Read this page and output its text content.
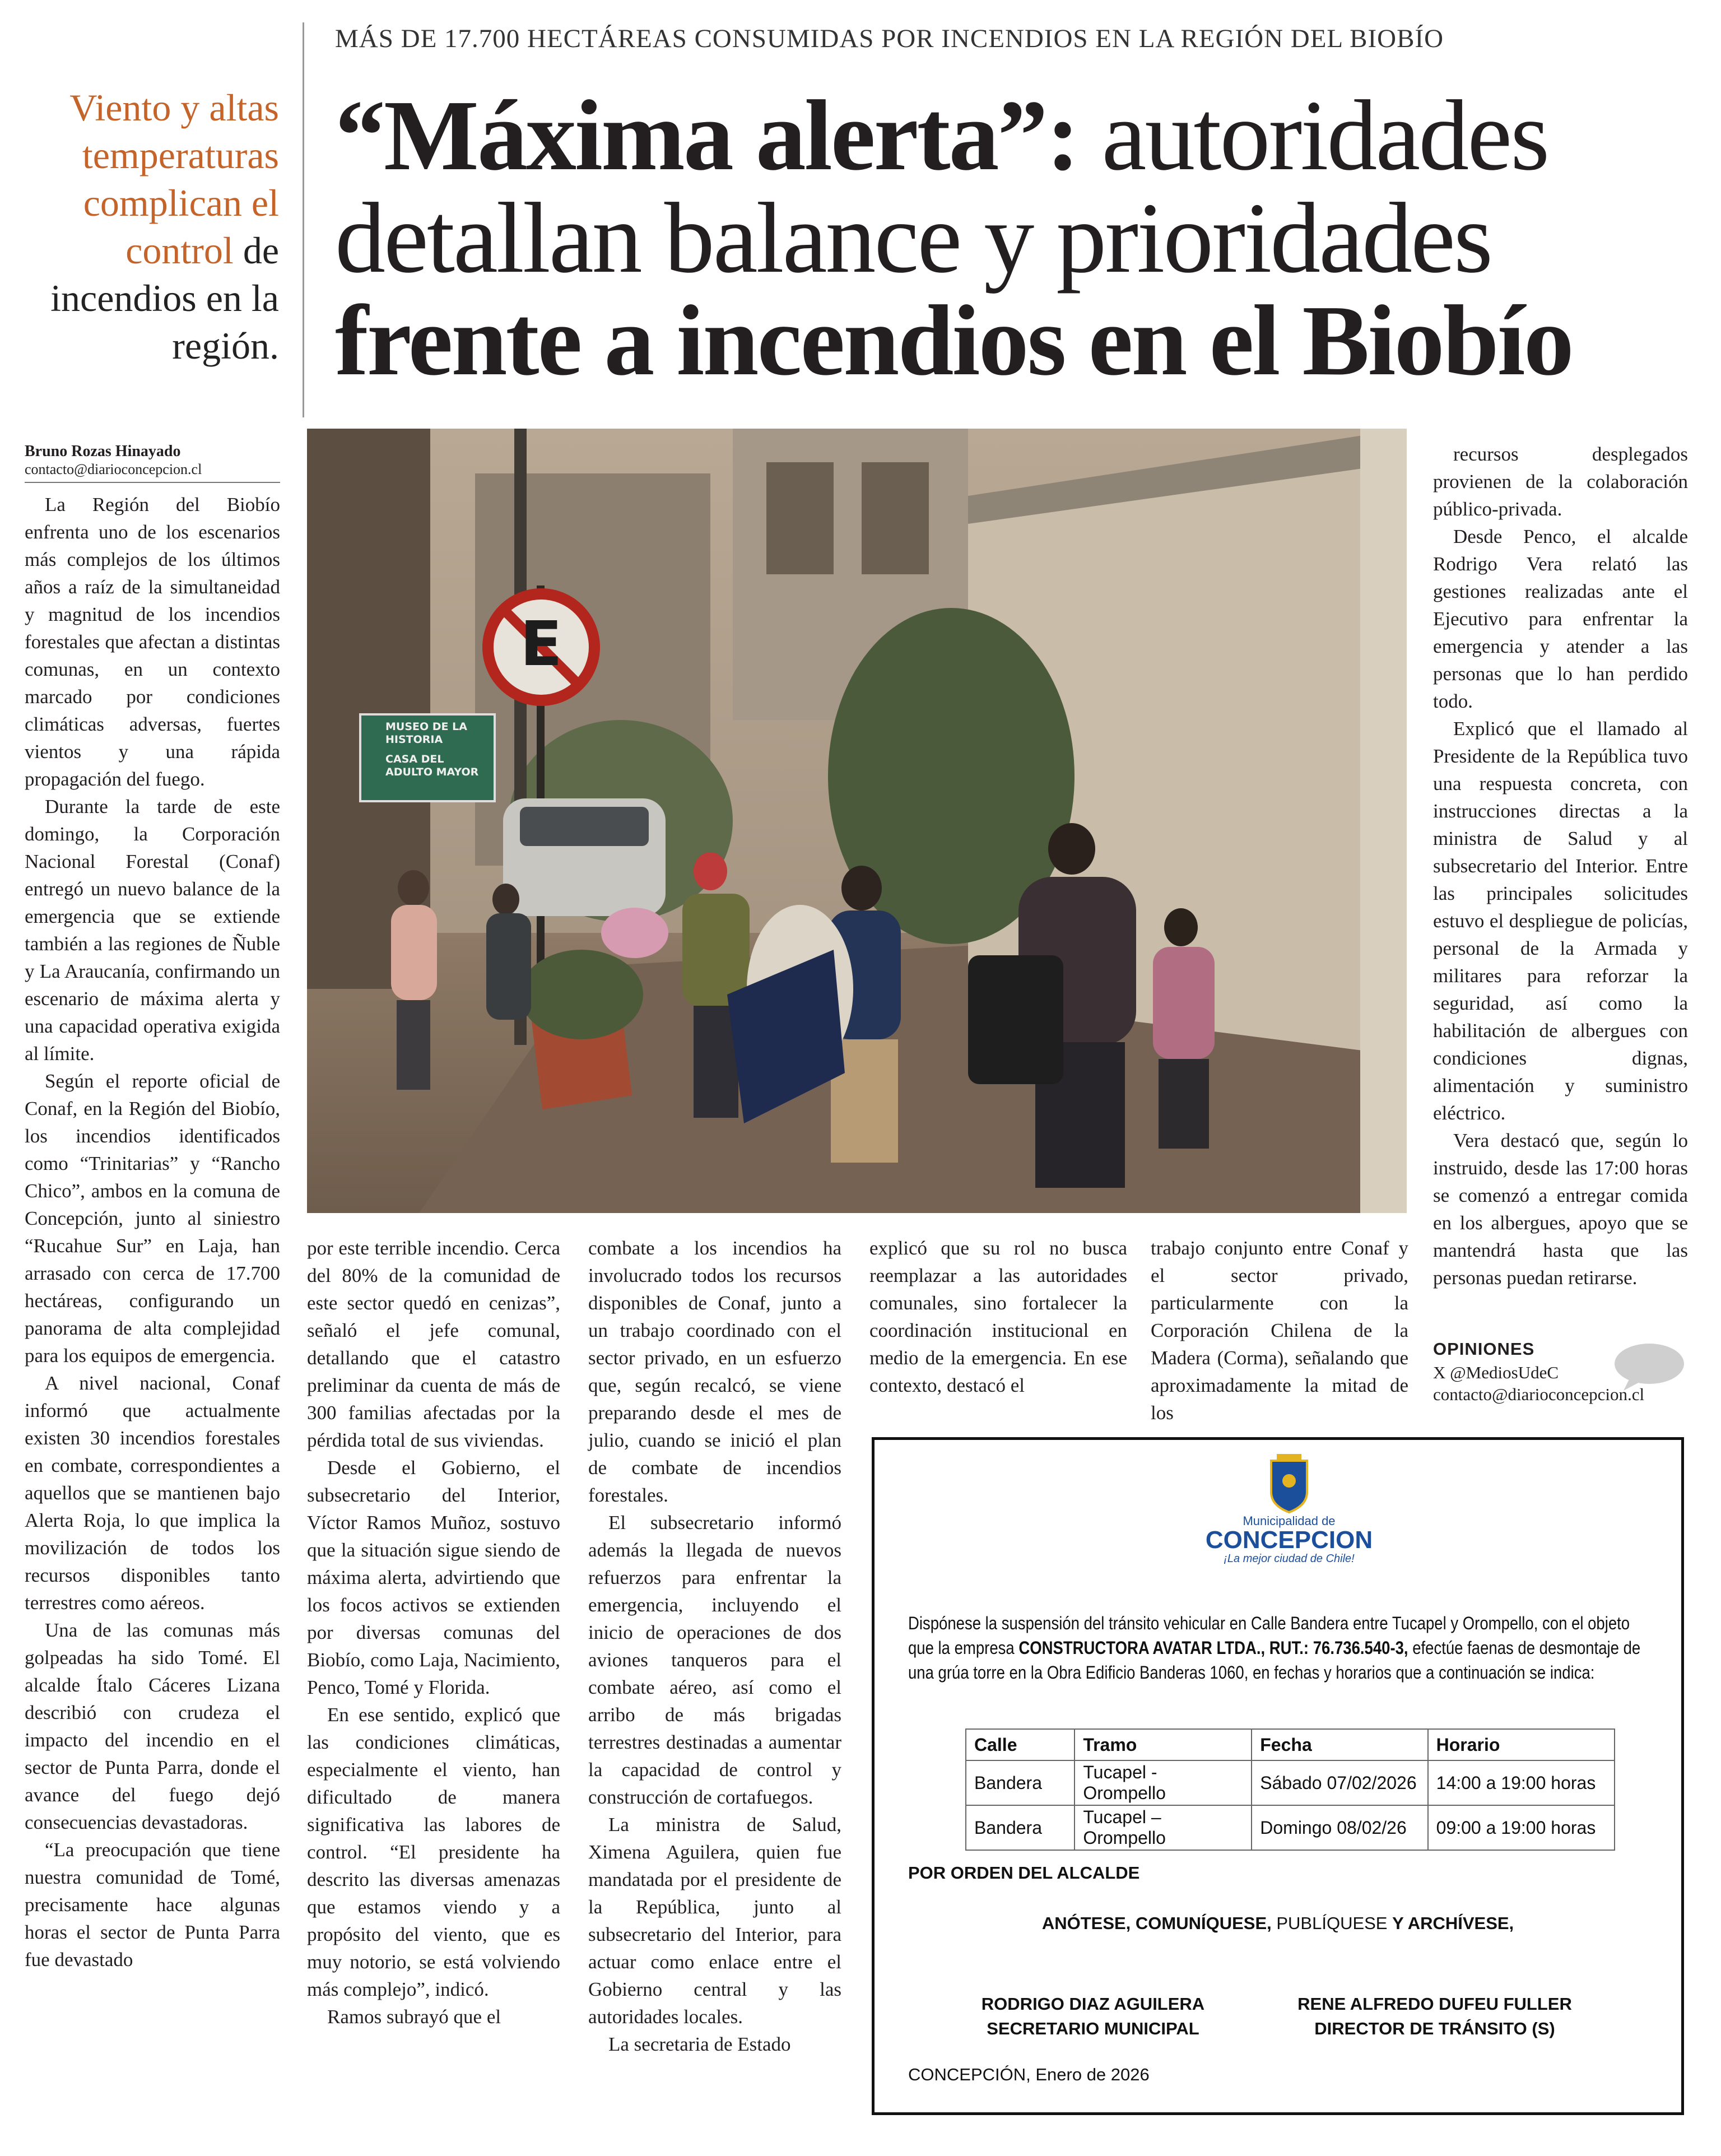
MÁS DE 17.700 HECTÁREAS CONSUMIDAS POR INCENDIOS EN LA REGIÓN DEL BIOBÍO
Viento y altas temperaturas complican el control de incendios en la región.
“Máxima alerta”: autoridades
detallan balance y prioridades
frente a incendios en el Biobío
Bruno Rozas Hinayado
contacto@diarioconcepcion.cl
E
MUSEO DE LA HISTORIA
CASA DEL ADULTO MAYOR

La Región del Biobío enfrenta uno de los escenarios más complejos de los últimos años a raíz de la simultaneidad y magnitud de los incendios forestales que afectan a distintas comunas, en un contexto marcado por condiciones climáticas adversas, fuertes vientos y una rápida propagación del fuego.

Durante la tarde de este domingo, la Corporación Nacional Forestal (Conaf) entregó un nuevo balance de la emergencia que se extiende también a las regiones de Ñuble y La Araucanía, confirmando un escenario de máxima alerta y una capacidad operativa exigida al límite.

Según el reporte oficial de Conaf, en la Región del Biobío, los incendios identificados como “Trinitarias” y “Rancho Chico”, ambos en la comuna de Concepción, junto al siniestro “Rucahue Sur” en Laja, han arrasado con cerca de 17.700 hectáreas, configurando un panorama de alta complejidad para los equipos de emergencia.

A nivel nacional, Conaf informó que actualmente existen 30 incendios forestales en combate, correspondientes a aquellos que se mantienen bajo Alerta Roja, lo que implica la movilización de todos los recursos disponibles tanto terrestres como aéreos.

Una de las comunas más golpeadas ha sido Tomé. El alcalde Ítalo Cáceres Lizana describió con crudeza el impacto del incendio en el sector de Punta Parra, donde el avance del fuego dejó consecuencias devastadoras.

“La preocupación que tiene nuestra comunidad de Tomé, precisamente hace algunas horas el sector de Punta Parra fue devastado

por este terrible incendio. Cerca del 80% de la comunidad de este sector quedó en cenizas”, señaló el jefe comunal, detallando que el catastro preliminar da cuenta de más de 300 familias afectadas por la pérdida total de sus viviendas.

Desde el Gobierno, el subsecretario del Interior, Víctor Ramos Muñoz, sostuvo que la situación sigue siendo de máxima alerta, advirtiendo que los focos activos se extienden por diversas comunas del Biobío, como Laja, Nacimiento, Penco, Tomé y Florida.

En ese sentido, explicó que las condiciones climáticas, especialmente el viento, han dificultado de manera significativa las labores de control. “El presidente ha descrito las diversas amenazas que estamos viendo y a propósito del viento, que es muy notorio, se está volviendo más complejo”, indicó.

Ramos subrayó que el

combate a los incendios ha involucrado todos los recursos disponibles de Conaf, junto a un trabajo coordinado con el sector privado, en un esfuerzo que, según recalcó, se viene preparando desde el mes de julio, cuando se inició el plan de combate de incendios forestales.

El subsecretario informó además la llegada de nuevos refuerzos para enfrentar la emergencia, incluyendo el inicio de operaciones de dos aviones tanqueros para el combate aéreo, así como el arribo de más brigadas terrestres destinadas a aumentar la capacidad de control y construcción de cortafuegos.

La ministra de Salud, Ximena Aguilera, quien fue mandatada por el presidente de la República, junto al subsecretario del Interior, para actuar como enlace entre el Gobierno central y las autoridades locales.

La secretaria de Estado

explicó que su rol no busca reemplazar a las autoridades comunales, sino fortalecer la coordinación institucional en medio de la emergencia. En ese contexto, destacó el

trabajo conjunto entre Conaf y el sector privado, particularmente con la Corporación Chilena de la Madera (Corma), señalando que aproximadamente la mitad de los

recursos desplegados provienen de la colaboración público-privada.

Desde Penco, el alcalde Rodrigo Vera relató las gestiones realizadas ante el Ejecutivo para enfrentar la emergencia y atender a las personas que lo han perdido todo.

Explicó que el llamado al Presidente de la República tuvo una respuesta concreta, con instrucciones directas a la ministra de Salud y al subsecretario del Interior. Entre las principales solicitudes estuvo el despliegue de policías, personal de la Armada y militares para reforzar la seguridad, así como la habilitación de albergues con condiciones dignas, alimentación y suministro eléctrico.

Vera destacó que, según lo instruido, desde las 17:00 horas se comenzó a entregar comida en los albergues, apoyo que se mantendrá hasta que las personas puedan retirarse.

OPINIONES
X @MediosUdeC
contacto@diarioconcepcion.cl
Municipalidad de
CONCEPCION
¡La mejor ciudad de Chile!
Dispónese la suspensión del tránsito vehicular en Calle Bandera entre Tucapel y Orompello, con el objeto que la empresa CONSTRUCTORA AVATAR LTDA., RUT.: 76.736.540-3, efectúe faenas de desmontaje de una grúa torre en la Obra Edificio Banderas 1060, en fechas y horarios que a continuación se indica:
Calle	Tramo	Fecha	Horario
Bandera	Tucapel - Orompello	Sábado 07/02/2026	14:00 a 19:00 horas
Bandera	Tucapel – Orompello	Domingo 08/02/26	09:00 a 19:00 horas
POR ORDEN DEL ALCALDE
ANÓTESE, COMUNÍQUESE, PUBLÍQUESE Y ARCHÍVESE,
RODRIGO DIAZ AGUILERA
SECRETARIO MUNICIPAL
RENE ALFREDO DUFEU FULLER
DIRECTOR DE TRÁNSITO (S)
CONCEPCIÓN, Enero de 2026
